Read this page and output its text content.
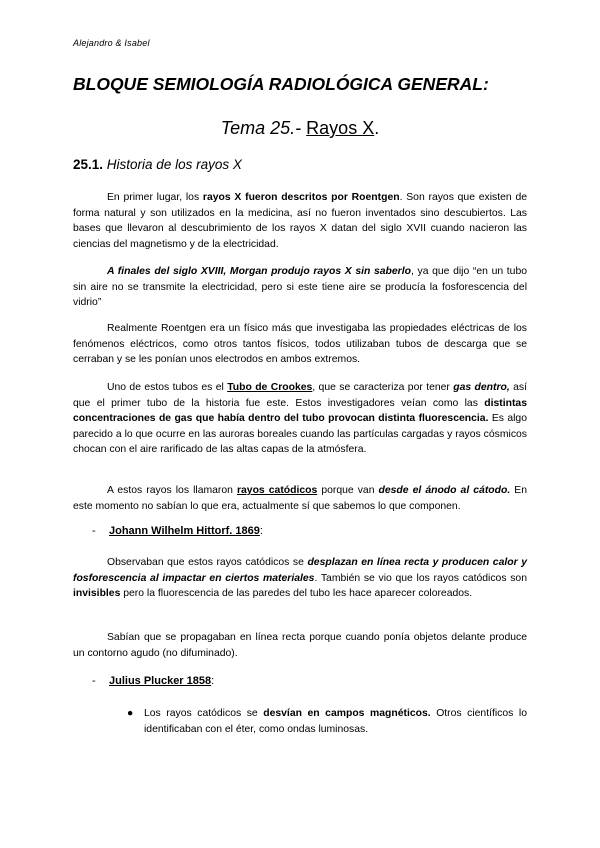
Alejandro & Isabel
BLOQUE SEMIOLOGÍA RADIOLÓGICA GENERAL:
Tema 25.- Rayos X.
25.1. Historia de los rayos X

En primer lugar, los rayos X fueron descritos por Roentgen. Son rayos que existen de forma natural y son utilizados en la medicina, así no fueron inventados sino descubiertos. Las bases que llevaron al descubrimiento de los rayos X datan del siglo XVII cuando nacieron las ciencias del magnetismo y de la electricidad.

A finales del siglo XVIII, Morgan produjo rayos X sin saberlo, ya que dijo “en un tubo sin aire no se transmite la electricidad, pero si este tiene aire se producía la fosforescencia del vidrio”

Realmente Roentgen era un físico más que investigaba las propiedades eléctricas de los fenómenos eléctricos, como otros tantos físicos, todos utilizaban tubos de descarga que se cerraban y se les ponían unos electrodos en ambos extremos.

Uno de estos tubos es el Tubo de Crookes, que se caracteriza por tener gas dentro, así que el primer tubo de la historia fue este. Estos investigadores veían como las distintas concentraciones de gas que había dentro del tubo provocan distinta fluorescencia. Es algo parecido a lo que ocurre en las auroras boreales cuando las partículas cargadas y rayos cósmicos chocan con el aire rarificado de las altas capas de la atmósfera.

A estos rayos los llamaron rayos catódicos porque van desde el ánodo al cátodo. En este momento no sabían lo que era, actualmente sí que sabemos lo que componen.

- Johann Wilhelm Hittorf. 1869:

Observaban que estos rayos catódicos se desplazan en línea recta y producen calor y fosforescencia al impactar en ciertos materiales. También se vio que los rayos catódicos son invisibles pero la fluorescencia de las paredes del tubo les hace aparecer coloreados.

Sabían que se propagaban en línea recta porque cuando ponía objetos delante produce un contorno agudo (no difuminado).

- Julius Plucker 1858:
●	Los rayos catódicos se desvían en campos magnéticos. Otros científicos lo identificaban con el éter, como ondas luminosas.
